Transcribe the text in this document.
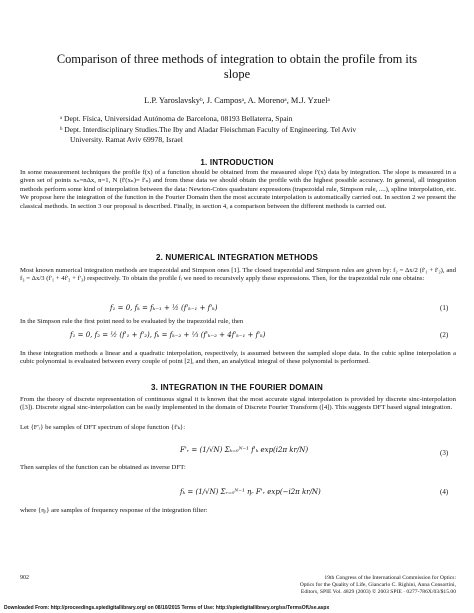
Comparison of three methods of integration to obtain the profile from its
slope
L.P. Yaroslavskyᵇ, J. Camposᵃ, A. Morenoᵃ, M.J. Yzuelᵃ
ᵃ Dept. Física, Universidad Autónoma de Barcelona, 08193 Bellaterra, Spain
ᵇ Dept. Interdisciplinary Studies.The Iby and Aladar Fleischman Faculty of Engineering. Tel Aviv
University. Ramat Aviv 69978, Israel
1. INTRODUCTION
In some measurement techniques the profile f(x) of a function should be obtained from the measured slope f'(x) data by integration. The slope is measured in a given set of points xₙ=nΔx, n=1, N (f'(xₙ)= f'ₙ) and from these data we should obtain the profile with the highest possible accuracy. In general, all integration methods perform some kind of interpolation between the data: Newton-Cotes quadrature expressions (trapezoidal rule, Simpson rule, ....), spline interpolation, etc. We propose here the integration of the function in the Fourier Domain then the most accurate interpolation is automatically carried out. In section 2 we present the classical methods. In section 3 our proposal is described. Finally, in section 4, a comparison between the different methods is carried out.
2. NUMERICAL INTEGRATION METHODS
Most known numerical integration methods are trapezoidal and Simpson ones [1]. The closed trapezoidal and Simpson rules are given by: f₂ = Δx/2 (f'₁ + f'₂), and f₃ = Δx/3 (f'₁ + 4f'₂ + f'₃) respectively. To obtain the profile fᵢ we need to recursively apply these expressions. Then, for the trapezoidal rule one obtains:
f₁ = 0, fₖ = fₖ₋₁ + ½ (f'ₖ₋₁ + f'ₖ)	(1)
In the Simpson rule the first point need to be evaluated by the trapezoidal rule, then
f₁ = 0, f₂ = ½ (f'₁ + f'₂), fₖ = fₖ₋₂ + ⅓ (f'ₖ₋₂ + 4f'ₖ₋₁ + f'ₖ)	(2)
In these integration methods a linear and a quadratic interpolation, respectively, is assumed between the sampled slope data. In the cubic spline interpolation a cubic polynomial is evaluated between every couple of point [2], and then, an analytical integral of these polynomial is performed.
3. INTEGRATION IN THE FOURIER DOMAIN
From the theory of discrete representation of continuous signal it is known that the most accurate signal interpolation is provided by discrete sinc-interpolation ([3]). Discrete signal sinc-interpolation can be easily implemented in the domain of Discrete Fourier Transform ([4]). This suggests DFT based signal integration.
Let {F'ᵣ} be samples of DFT spectrum of slope function {f'ₖ}:
F'ᵣ = (1/√N) Σₖ₌₀ᴺ⁻¹ f'ₖ exp(i2π kr/N)	(3)
Then samples of the function can be obtained as inverse DFT:
fₖ = (1/√N) Σᵣ₌₀ᴺ⁻¹ ηᵣ F'ᵣ exp(−i2π kr/N)	(4)
where {ηᵣ} are samples of frequency response of the integration filter:
902	19th Congress of the International Commission for Optics:
Optics for the Quality of Life, Giancarlo C. Righini, Anna Consortini,
Editors, SPIE Vol. 4829 (2003) © 2003 SPIE · 0277-786X/03/$15.00
Downloaded From: http://proceedings.spiedigitallibrary.org/ on 08/10/2015 Terms of Use: http://spiedigitallibrary.org/ss/TermsOfUse.aspx
